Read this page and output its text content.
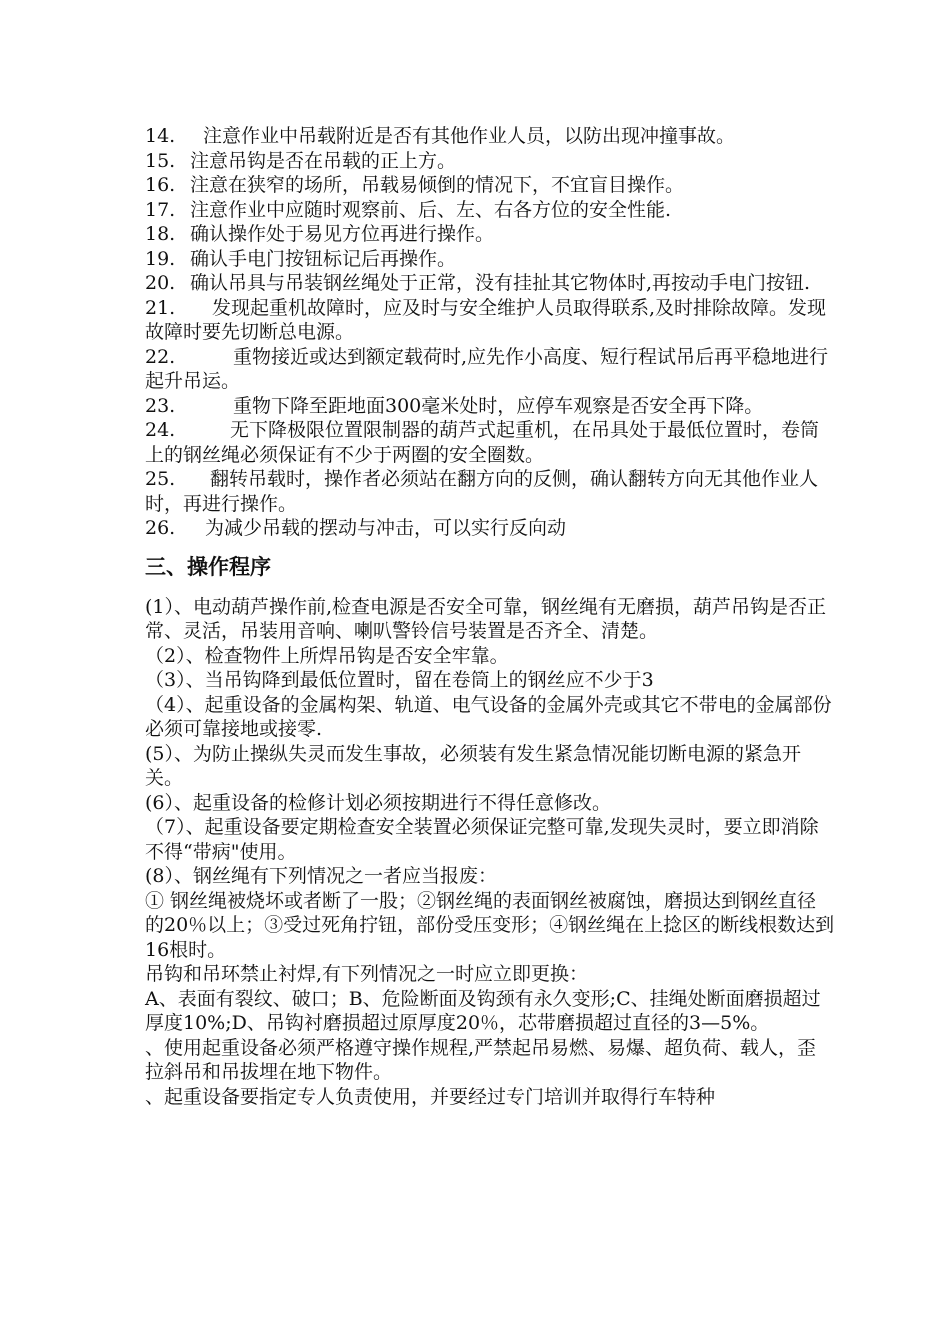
14. 注意作业中吊载附近是否有其他作业人员，以防出现冲撞事故。

15. 注意吊钩是否在吊载的正上方。

16. 注意在狭窄的场所，吊载易倾倒的情况下，不宜盲目操作。

17. 注意作业中应随时观察前、后、左、右各方位的安全性能.

18. 确认操作处于易见方位再进行操作。

19. 确认手电门按钮标记后再操作。

20. 确认吊具与吊装钢丝绳处于正常，没有挂扯其它物体时,再按动手电门按钮.

21. 发现起重机故障时，应及时与安全维护人员取得联系,及时排除故障。发现故障时要先切断总电源。

22.	重物接近或达到额定载荷时,应先作小高度、短行程试吊后再平稳地进行起升吊运。

23.	重物下降至距地面300毫米处时，应停车观察是否安全再下降。

24.	无下降极限位置限制器的葫芦式起重机，在吊具处于最低位置时，卷筒上的钢丝绳必须保证有不少于两圈的安全圈数。

25. 翻转吊载时，操作者必须站在翻方向的反侧，确认翻转方向无其他作业人时，再进行操作。

26. 为减少吊载的摆动与冲击，可以实行反向动

三、操作程序

(1）、电动葫芦操作前,检查电源是否安全可靠，钢丝绳有无磨损，葫芦吊钩是否正常、灵活，吊装用音响、喇叭警铃信号装置是否齐全、清楚。

（2）、检查物件上所焊吊钩是否安全牢靠。

（3）、当吊钩降到最低位置时，留在卷筒上的钢丝应不少于3

（4）、起重设备的金属构架、轨道、电气设备的金属外壳或其它不带电的金属部份必须可靠接地或接零.

(5）、为防止操纵失灵而发生事故，必须装有发生紧急情况能切断电源的紧急开关。

(6）、起重设备的检修计划必须按期进行不得任意修改。

（7）、起重设备要定期检查安全装置必须保证完整可靠,发现失灵时，要立即消除不得“带病"使用。

(8）、钢丝绳有下列情况之一者应当报废：

① 钢丝绳被烧坏或者断了一股；②钢丝绳的表面钢丝被腐蚀，磨损达到钢丝直径的20％以上；③受过死角拧钮，部份受压变形；④钢丝绳在上捻区的断线根数达到16根时。

吊钩和吊环禁止衬焊,有下列情况之一时应立即更换：

A、表面有裂纹、破口；B、危险断面及钩颈有永久变形;C、挂绳处断面磨损超过厚度10%;D、吊钩衬磨损超过原厚度20％，芯带磨损超过直径的3—5%。

、使用起重设备必须严格遵守操作规程,严禁起吊易燃、易爆、超负荷、载人，歪拉斜吊和吊拔埋在地下物件。

、起重设备要指定专人负责使用，并要经过专门培训并取得行车特种
